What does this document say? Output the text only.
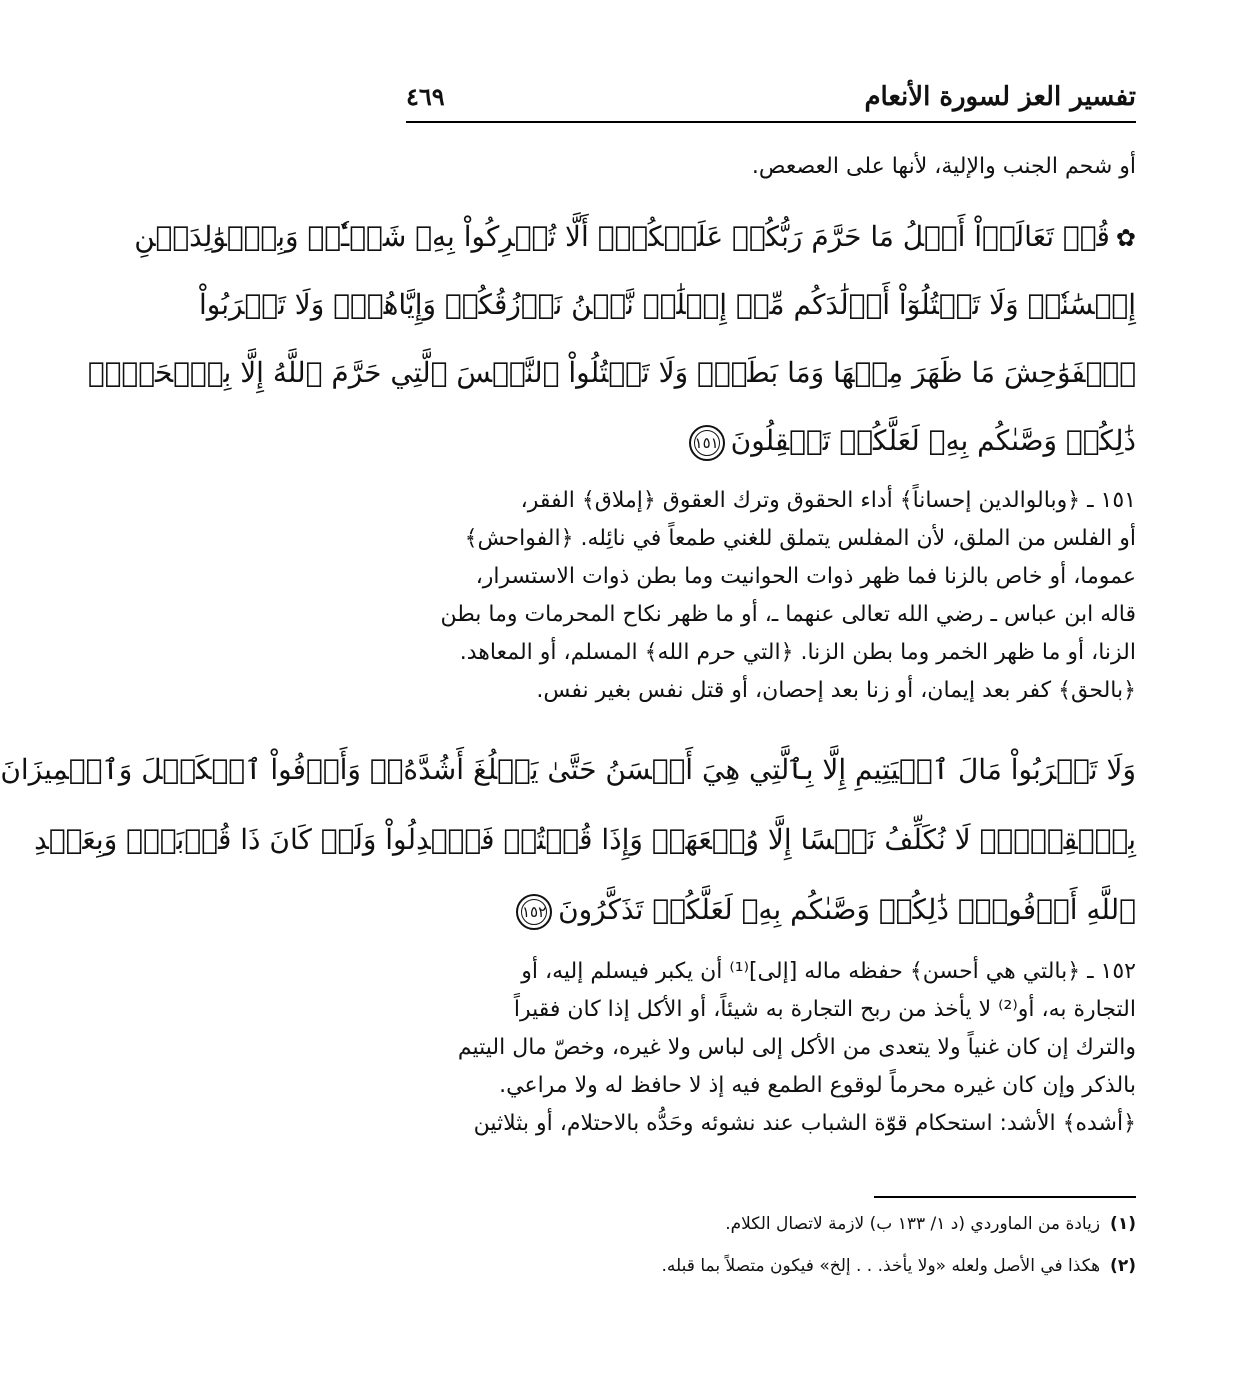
تفسير العز لسورة الأنعام
٤٦٩
أو شحم الجنب والإلية، لأنها على العصعص.
✿قُلۡ تَعَالَوۡاْ أَتۡلُ مَا حَرَّمَ رَبُّكُمۡ عَلَيۡكُمۡۖ أَلَّا تُشۡرِكُواْ بِهِۦ شَيۡـٔٗاۖ وَبِٱلۡوَٰلِدَيۡنِ
إِحۡسَٰنٗاۖ وَلَا تَقۡتُلُوٓاْ أَوۡلَٰدَكُم مِّنۡ إِمۡلَٰقٖ نَّحۡنُ نَرۡزُقُكُمۡ وَإِيَّاهُمۡۖ وَلَا تَقۡرَبُواْ
ٱلۡفَوَٰحِشَ مَا ظَهَرَ مِنۡهَا وَمَا بَطَنَۖ وَلَا تَقۡتُلُواْ ٱلنَّفۡسَ ٱلَّتِي حَرَّمَ ٱللَّهُ إِلَّا بِٱلۡحَقِّۚ
ذَٰلِكُمۡ وَصَّىٰكُم بِهِۦ لَعَلَّكُمۡ تَعۡقِلُونَ١٥١
١٥١ ـ ﴿وبالوالدين إحساناً﴾ أداء الحقوق وترك العقوق ﴿إملاق﴾ الفقر،
أو الفلس من الملق، لأن المفلس يتملق للغني طمعاً في نائِله. ﴿الفواحش﴾
عموما، أو خاص بالزنا فما ظهر ذوات الحوانيت وما بطن ذوات الاستسرار،
قاله ابن عباس ـ رضي الله تعالى عنهما ـ، أو ما ظهر نكاح المحرمات وما بطن
الزنا، أو ما ظهر الخمر وما بطن الزنا. ﴿التي حرم الله﴾ المسلم، أو المعاهد.
﴿بالحق﴾ كفر بعد إيمان، أو زنا بعد إحصان، أو قتل نفس بغير نفس.
وَلَا تَقۡرَبُواْ مَالَ ٱلۡيَتِيمِ إِلَّا بِٱلَّتِي هِيَ أَحۡسَنُ حَتَّىٰ يَبۡلُغَ أَشُدَّهُۥۖ وَأَوۡفُواْ ٱلۡكَيۡلَ وَٱلۡمِيزَانَ
بِٱلۡقِسۡطِۖ لَا نُكَلِّفُ نَفۡسًا إِلَّا وُسۡعَهَاۖ وَإِذَا قُلۡتُمۡ فَٱعۡدِلُواْ وَلَوۡ كَانَ ذَا قُرۡبَىٰۖ وَبِعَهۡدِ
ٱللَّهِ أَوۡفُواْۚ ذَٰلِكُمۡ وَصَّىٰكُم بِهِۦ لَعَلَّكُمۡ تَذَكَّرُونَ١٥٢
١٥٢ ـ ﴿بالتي هي أحسن﴾ حفظه ماله [إلى]⁽¹⁾ أن يكبر فيسلم إليه، أو
التجارة به، أو⁽²⁾ لا يأخذ من ربح التجارة به شيئاً، أو الأكل إذا كان فقيراً
والترك إن كان غنياً ولا يتعدى من الأكل إلى لباس ولا غيره، وخصّ مال اليتيم
بالذكر وإن كان غيره محرماً لوقوع الطمع فيه إذ لا حافظ له ولا مراعي.
﴿أشده﴾ الأشد: استحكام قوّة الشباب عند نشوئه وحَدُّه بالاحتلام، أو بثلاثين
(١)زيادة من الماوردي (د ١/ ١٣٣ ب) لازمة لاتصال الكلام.
(٢)هكذا في الأصل ولعله «ولا يأخذ. . . إلخ» فيكون متصلاً بما قبله.
